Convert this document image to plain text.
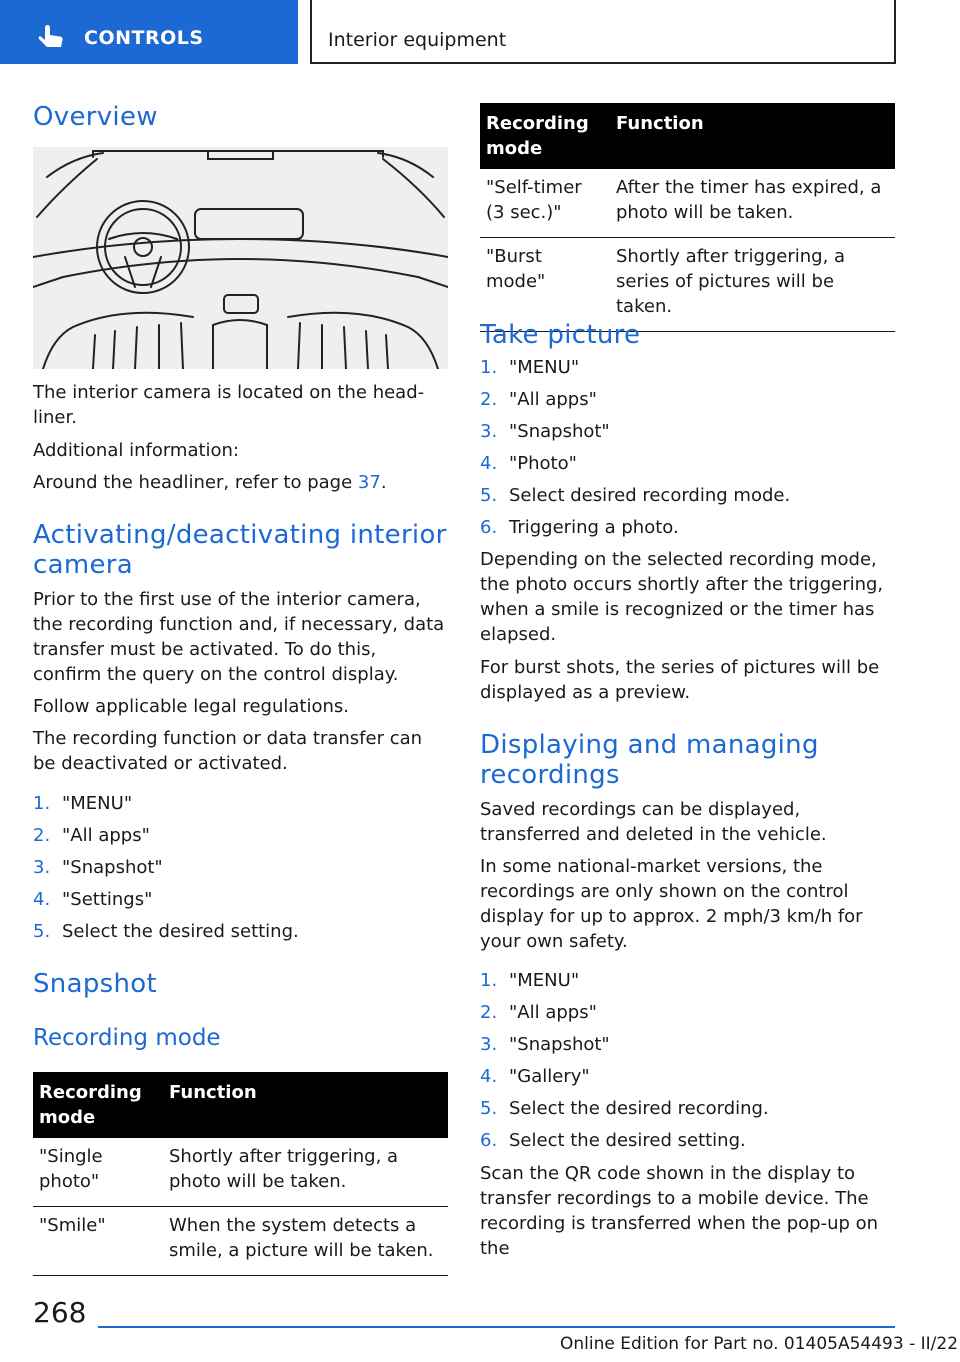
CONTROLS	Interior equipment
Overview

The interior camera is located on the head-liner.

Additional information:

Around the headliner, refer to page 37.

Activating/deactivating interior camera

Prior to the first use of the interior camera, the recording function and, if necessary, data transfer must be activated. To do this, confirm the query on the control display.

Follow applicable legal regulations.

The recording function or data transfer can be deactivated or activated.

1. "MENU"
2. "All apps"
3. "Snapshot"
4. "Settings"
5. Select the desired setting.
Snapshot
Recording mode
Recording mode	Function
"Single photo"	Shortly after triggering, a photo will be taken.
"Smile"	When the system detects a smile, a picture will be taken.
Recording mode	Function
"Self-timer (3 sec.)"	After the timer has expired, a photo will be taken.
"Burst mode"	Shortly after triggering, a series of pictures will be taken.
Take picture
1. "MENU"
2. "All apps"
3. "Snapshot"
4. "Photo"
5. Select desired recording mode.
6. Triggering a photo.

Depending on the selected recording mode, the photo occurs shortly after the triggering, when a smile is recognized or the timer has elapsed.

For burst shots, the series of pictures will be displayed as a preview.

Displaying and managing recordings

Saved recordings can be displayed, transferred and deleted in the vehicle.

In some national-market versions, the recordings are only shown on the control display for up to approx. 2 mph/3 km/h for your own safety.

1. "MENU"
2. "All apps"
3. "Snapshot"
4. "Gallery"
5. Select the desired recording.
6. Select the desired setting.

Scan the QR code shown in the display to transfer recordings to a mobile device. The recording is transferred when the pop-up on the

268
Online Edition for Part no. 01405A54493 - II/22
